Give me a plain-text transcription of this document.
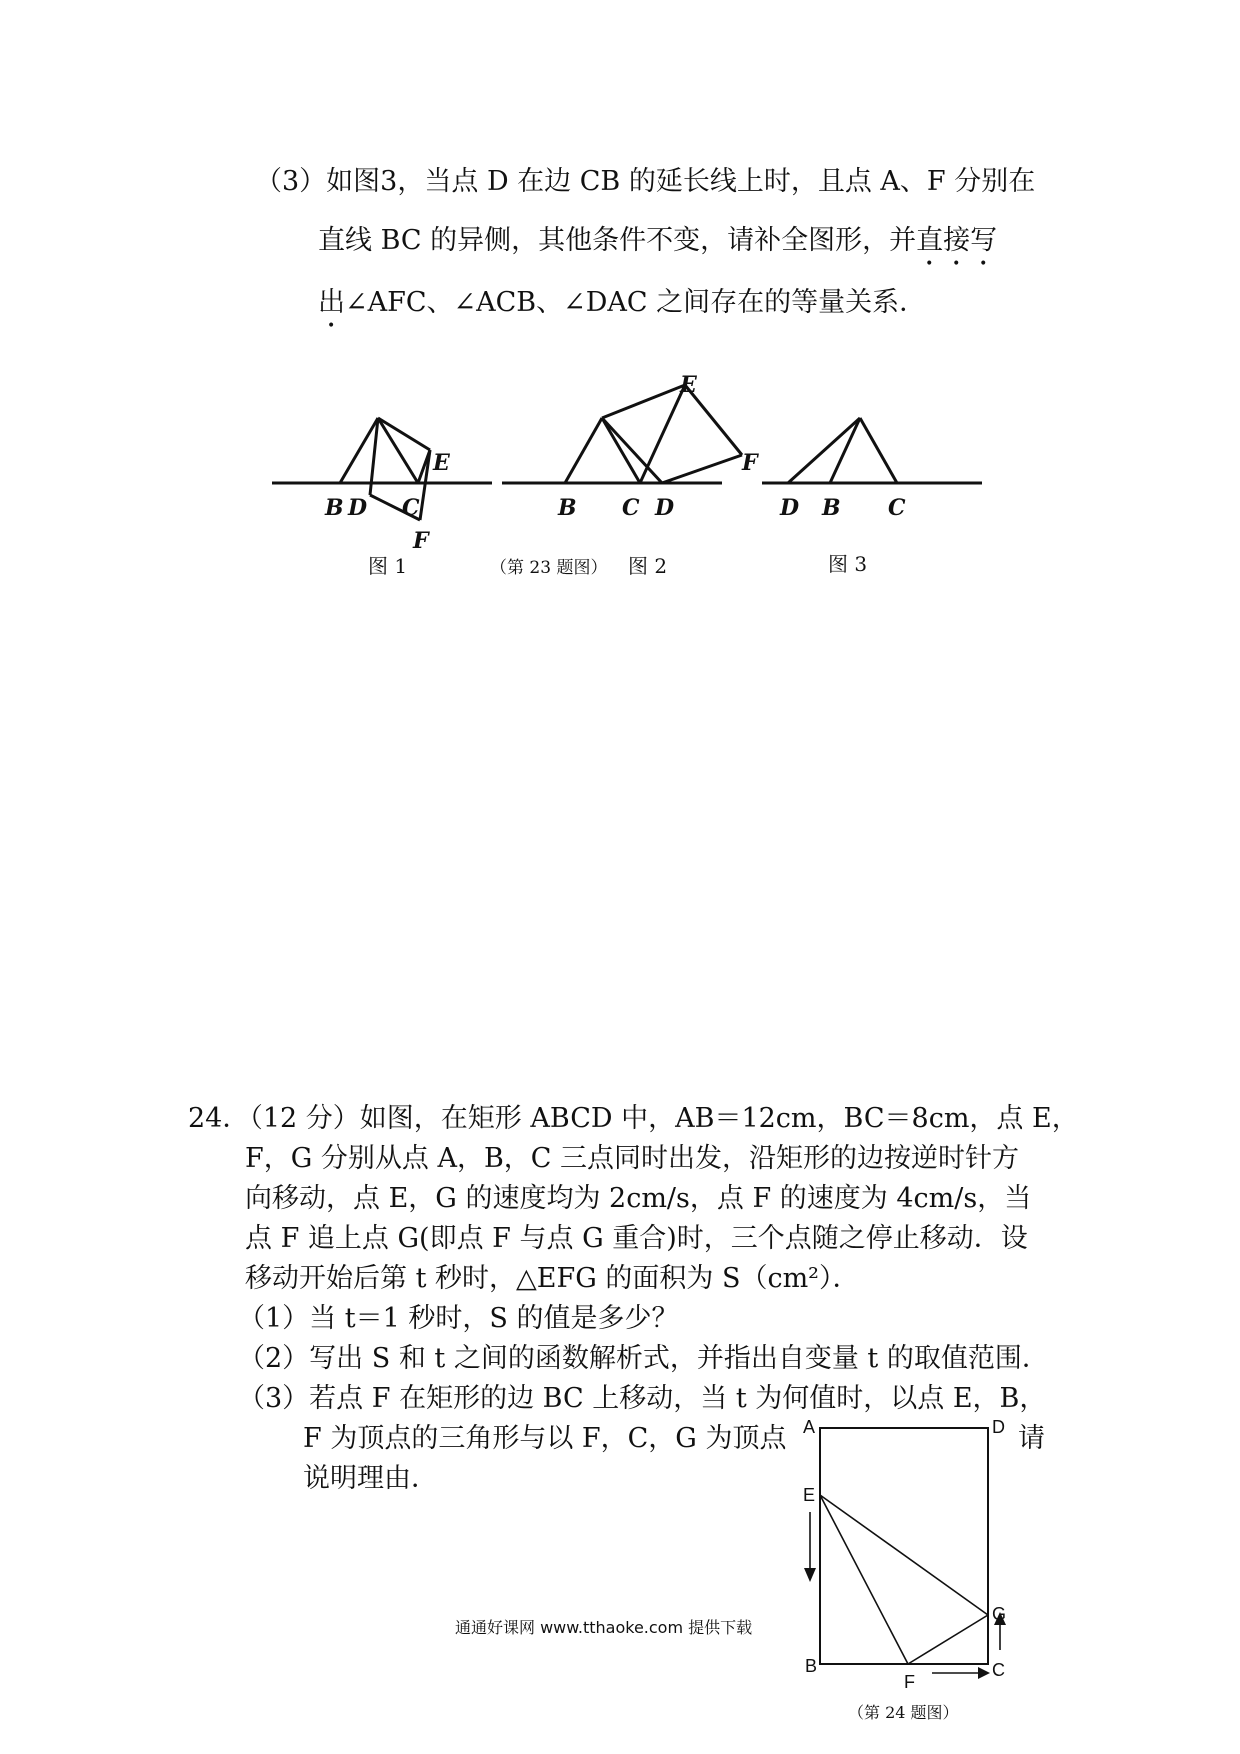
（3）如图3，当点 D 在边 CB 的延长线上时，且点 A、F 分别在
直线 BC 的异侧，其他条件不变，请补全图形，并直接写
出∠AFC、∠ACB、∠DAC 之间存在的等量关系．
B D C
E
F
B C D
E
F
D B C
图 1	（第 23 题图） 图 2	图 3
24．（12 分）如图，在矩形 ABCD 中，AB＝12cm，BC＝8cm，点 E，
F，G 分别从点 A，B，C 三点同时出发，沿矩形的边按逆时针方
向移动，点 E，G 的速度均为 2cm/s，点 F 的速度为 4cm/s，当
点 F 追上点 G(即点 F 与点 G 重合)时，三个点随之停止移动．设
移动开始后第 t 秒时，△EFG 的面积为 S（cm²）．
（1）当 t＝1 秒时，S 的值是多少？
（2）写出 S 和 t 之间的函数解析式，并指出自变量 t 的取值范围．
（3）若点 F 在矩形的边 BC 上移动，当 t 为何值时，以点 E，B，
F 为顶点的三角形与以 F，C，G 为顶点	请
说明理由．
A	D
E
G
B
F
C
通通好课网 www.tthaoke.com 提供下载
（第 24 题图）
